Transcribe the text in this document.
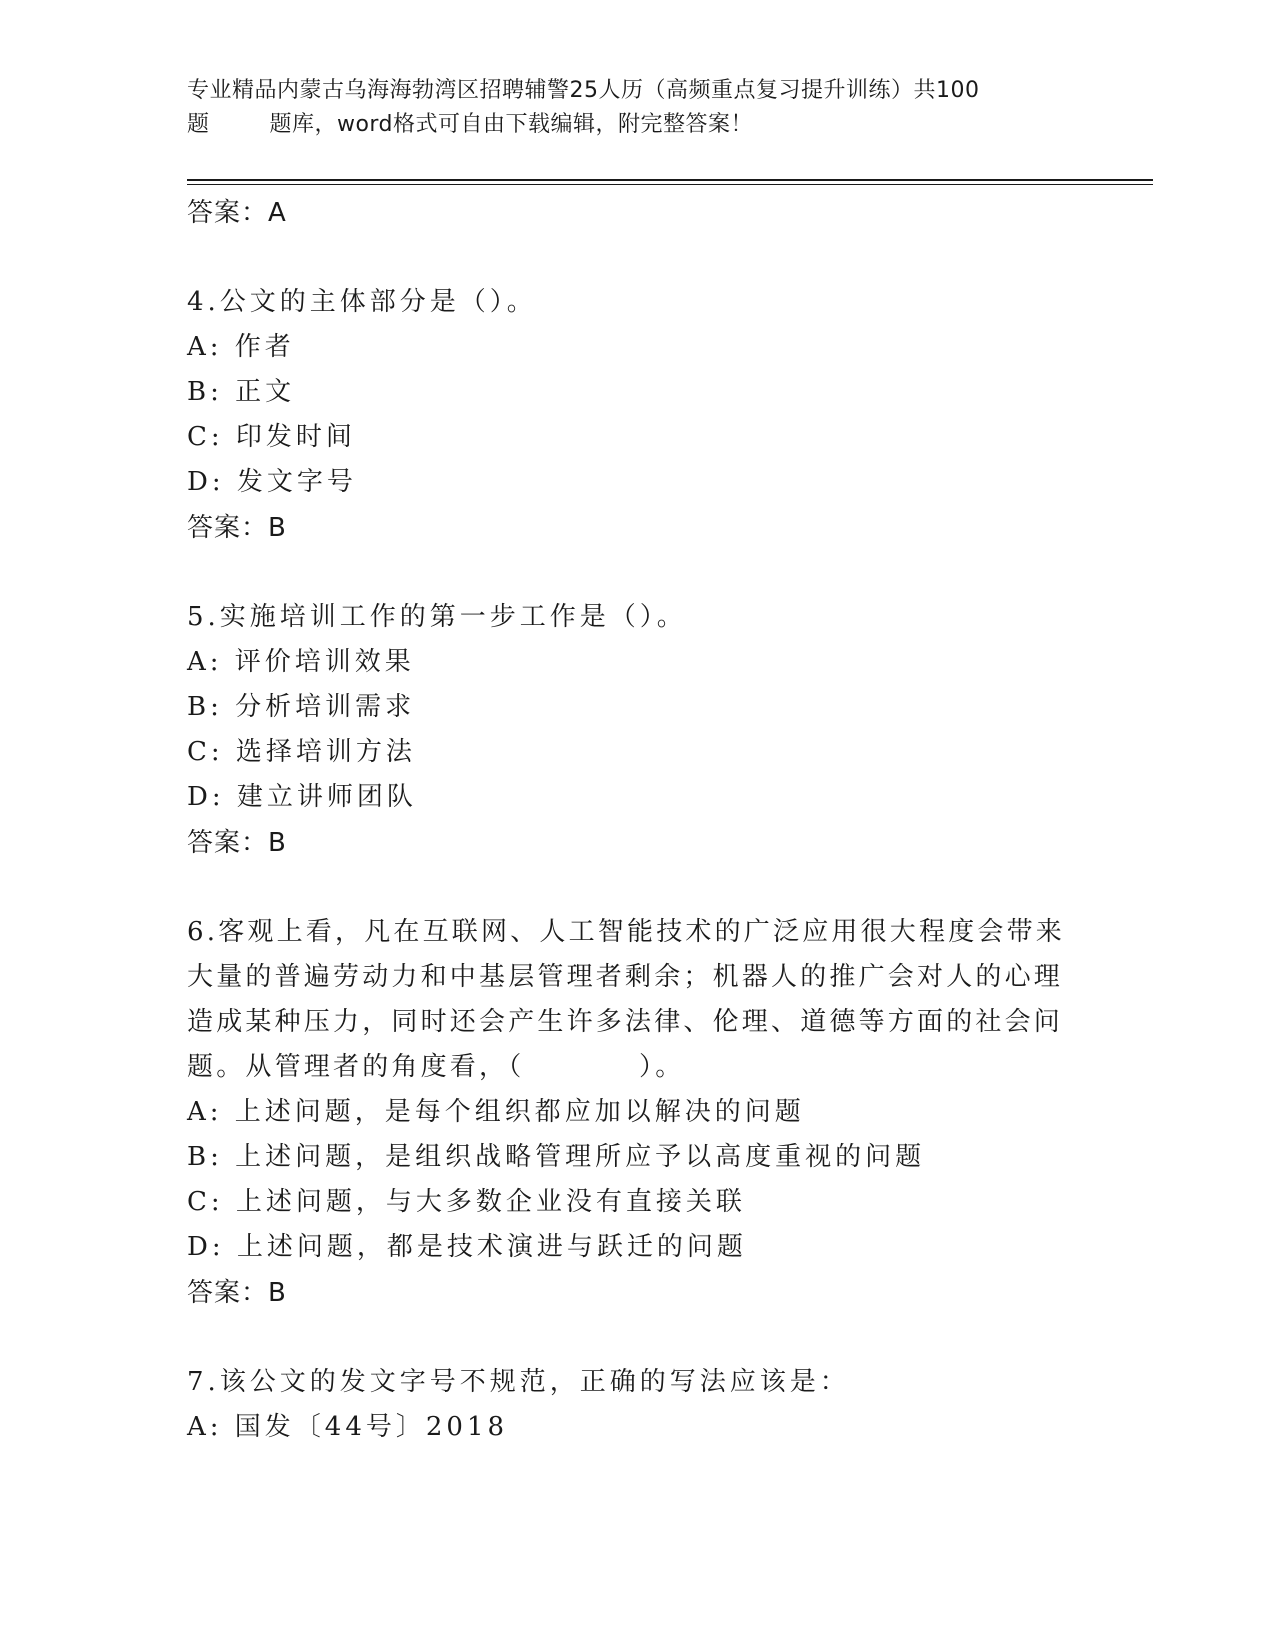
专业精品内蒙古乌海海勃湾区招聘辅警25人历（高频重点复习提升训练）共100

题        题库，word格式可自由下载编辑，附完整答案！
答案：A
4.公文的主体部分是（）。
A: 作者
B: 正文
C: 印发时间
D: 发文字号
答案：B
5.实施培训工作的第一步工作是（）。
A: 评价培训效果
B: 分析培训需求
C: 选择培训方法
D: 建立讲师团队
答案：B
6.客观上看，凡在互联网、人工智能技术的广泛应用很大程度会带来大量的普遍劳动力和中基层管理者剩余；机器人的推广会对人的心理造成某种压力，同时还会产生许多法律、伦理、道德等方面的社会问题。从管理者的角度看，（          ）。
A: 上述问题，是每个组织都应加以解决的问题
B: 上述问题，是组织战略管理所应予以高度重视的问题
C: 上述问题，与大多数企业没有直接关联
D: 上述问题，都是技术演进与跃迁的问题
答案：B
7.该公文的发文字号不规范，正确的写法应该是：
A: 国发〔44号〕2018
